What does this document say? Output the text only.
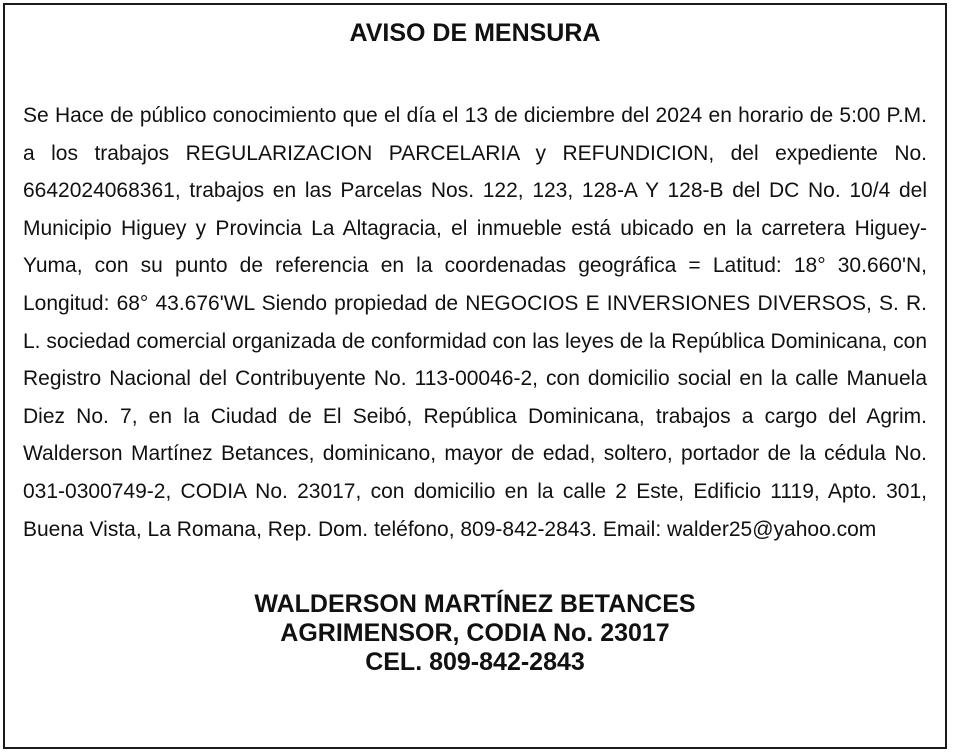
AVISO DE MENSURA

Se Hace de público conocimiento que el día el 13 de diciembre del 2024 en horario de 5:00 P.M. a los trabajos REGULARIZACION PARCELARIA y REFUNDICION, del expediente No. 6642024068361, trabajos en las Parcelas Nos. 122, 123, 128-A Y 128-B del DC No. 10/4 del Municipio Higuey y Provincia La Altagracia, el inmueble está ubicado en la carretera Higuey-Yuma, con su punto de referencia en la coordenadas geográfica = Latitud: 18° 30.660'N, Longitud: 68° 43.676'WL Siendo propiedad de NEGOCIOS E INVERSIONES DIVERSOS, S. R. L. sociedad comercial organizada de conformidad con las leyes de la República Dominicana, con Registro Nacional del Contribuyente No. 113-00046-2, con domicilio social en la calle Manuela Diez No. 7, en la Ciudad de El Seibó, República Dominicana, trabajos a cargo del Agrim. Walderson Martínez Betances, dominicano, mayor de edad, soltero, portador de la cédula No. 031-0300749-2, CODIA No. 23017, con domicilio en la calle 2 Este, Edificio 1119, Apto. 301, Buena Vista, La Romana, Rep. Dom. teléfono, 809-842-2843. Email: walder25@yahoo.com

WALDERSON MARTÍNEZ BETANCES
AGRIMENSOR, CODIA No. 23017
CEL. 809-842-2843
